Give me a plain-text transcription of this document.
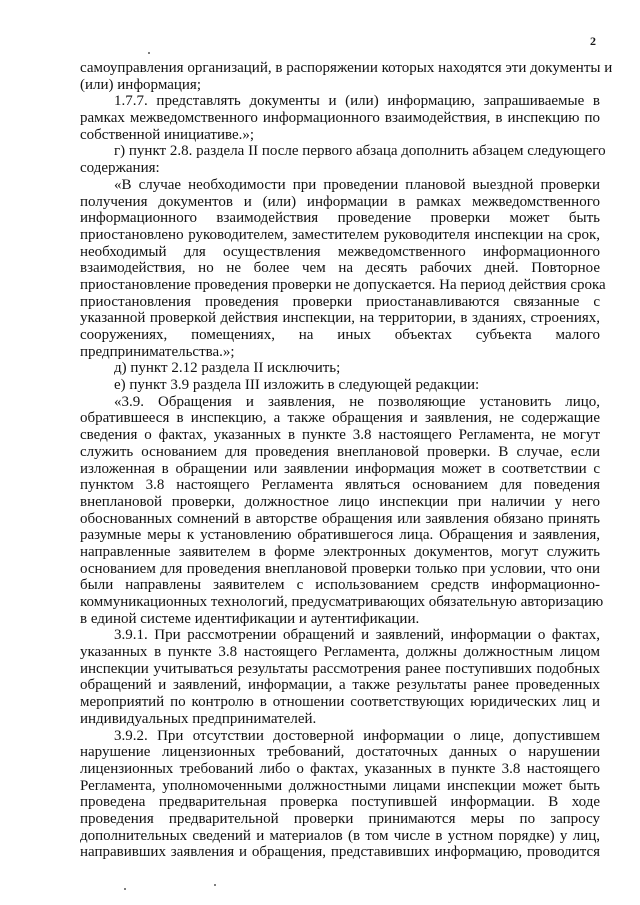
2
самоуправления организаций, в распоряжении которых находятся эти документы и
(или) информация;
1.7.7. представлять документы и (или) информацию, запрашиваемые в
рамках межведомственного информационного взаимодействия, в инспекцию по
собственной инициативе.»;
г) пункт 2.8. раздела II после первого абзаца дополнить абзацем следующего
содержания:
«В случае необходимости при проведении плановой выездной проверки
получения документов и (или) информации в рамках межведомственного
информационного взаимодействия проведение проверки может быть
приостановлено руководителем, заместителем руководителя инспекции на срок,
необходимый для осуществления межведомственного информационного
взаимодействия, но не более чем на десять рабочих дней. Повторное
приостановление проведения проверки не допускается. На период действия срока
приостановления проведения проверки приостанавливаются связанные с
указанной проверкой действия инспекции, на территории, в зданиях, строениях,
сооружениях, помещениях, на иных объектах субъекта малого
предпринимательства.»;
д) пункт 2.12 раздела II исключить;
е) пункт 3.9 раздела III изложить в следующей редакции:
«3.9. Обращения и заявления, не позволяющие установить лицо,
обратившееся в инспекцию, а также обращения и заявления, не содержащие
сведения о фактах, указанных в пункте 3.8 настоящего Регламента, не могут
служить основанием для проведения внеплановой проверки. В случае, если
изложенная в обращении или заявлении информация может в соответствии с
пунктом 3.8 настоящего Регламента являться основанием для поведения
внеплановой проверки, должностное лицо инспекции при наличии у него
обоснованных сомнений в авторстве обращения или заявления обязано принять
разумные меры к установлению обратившегося лица. Обращения и заявления,
направленные заявителем в форме электронных документов, могут служить
основанием для проведения внеплановой проверки только при условии, что они
были направлены заявителем с использованием средств информационно-
коммуникационных технологий, предусматривающих обязательную авторизацию
в единой системе идентификации и аутентификации.
3.9.1. При рассмотрении обращений и заявлений, информации о фактах,
указанных в пункте 3.8 настоящего Регламента, должны должностным лицом
инспекции учитываться результаты рассмотрения ранее поступивших подобных
обращений и заявлений, информации, а также результаты ранее проведенных
мероприятий по контролю в отношении соответствующих юридических лиц и
индивидуальных предпринимателей.
3.9.2. При отсутствии достоверной информации о лице, допустившем
нарушение лицензионных требований, достаточных данных о нарушении
лицензионных требований либо о фактах, указанных в пункте 3.8 настоящего
Регламента, уполномоченными должностными лицами инспекции может быть
проведена предварительная проверка поступившей информации. В ходе
проведения предварительной проверки принимаются меры по запросу
дополнительных сведений и материалов (в том числе в устном порядке) у лиц,
направивших заявления и обращения, представивших информацию, проводится
